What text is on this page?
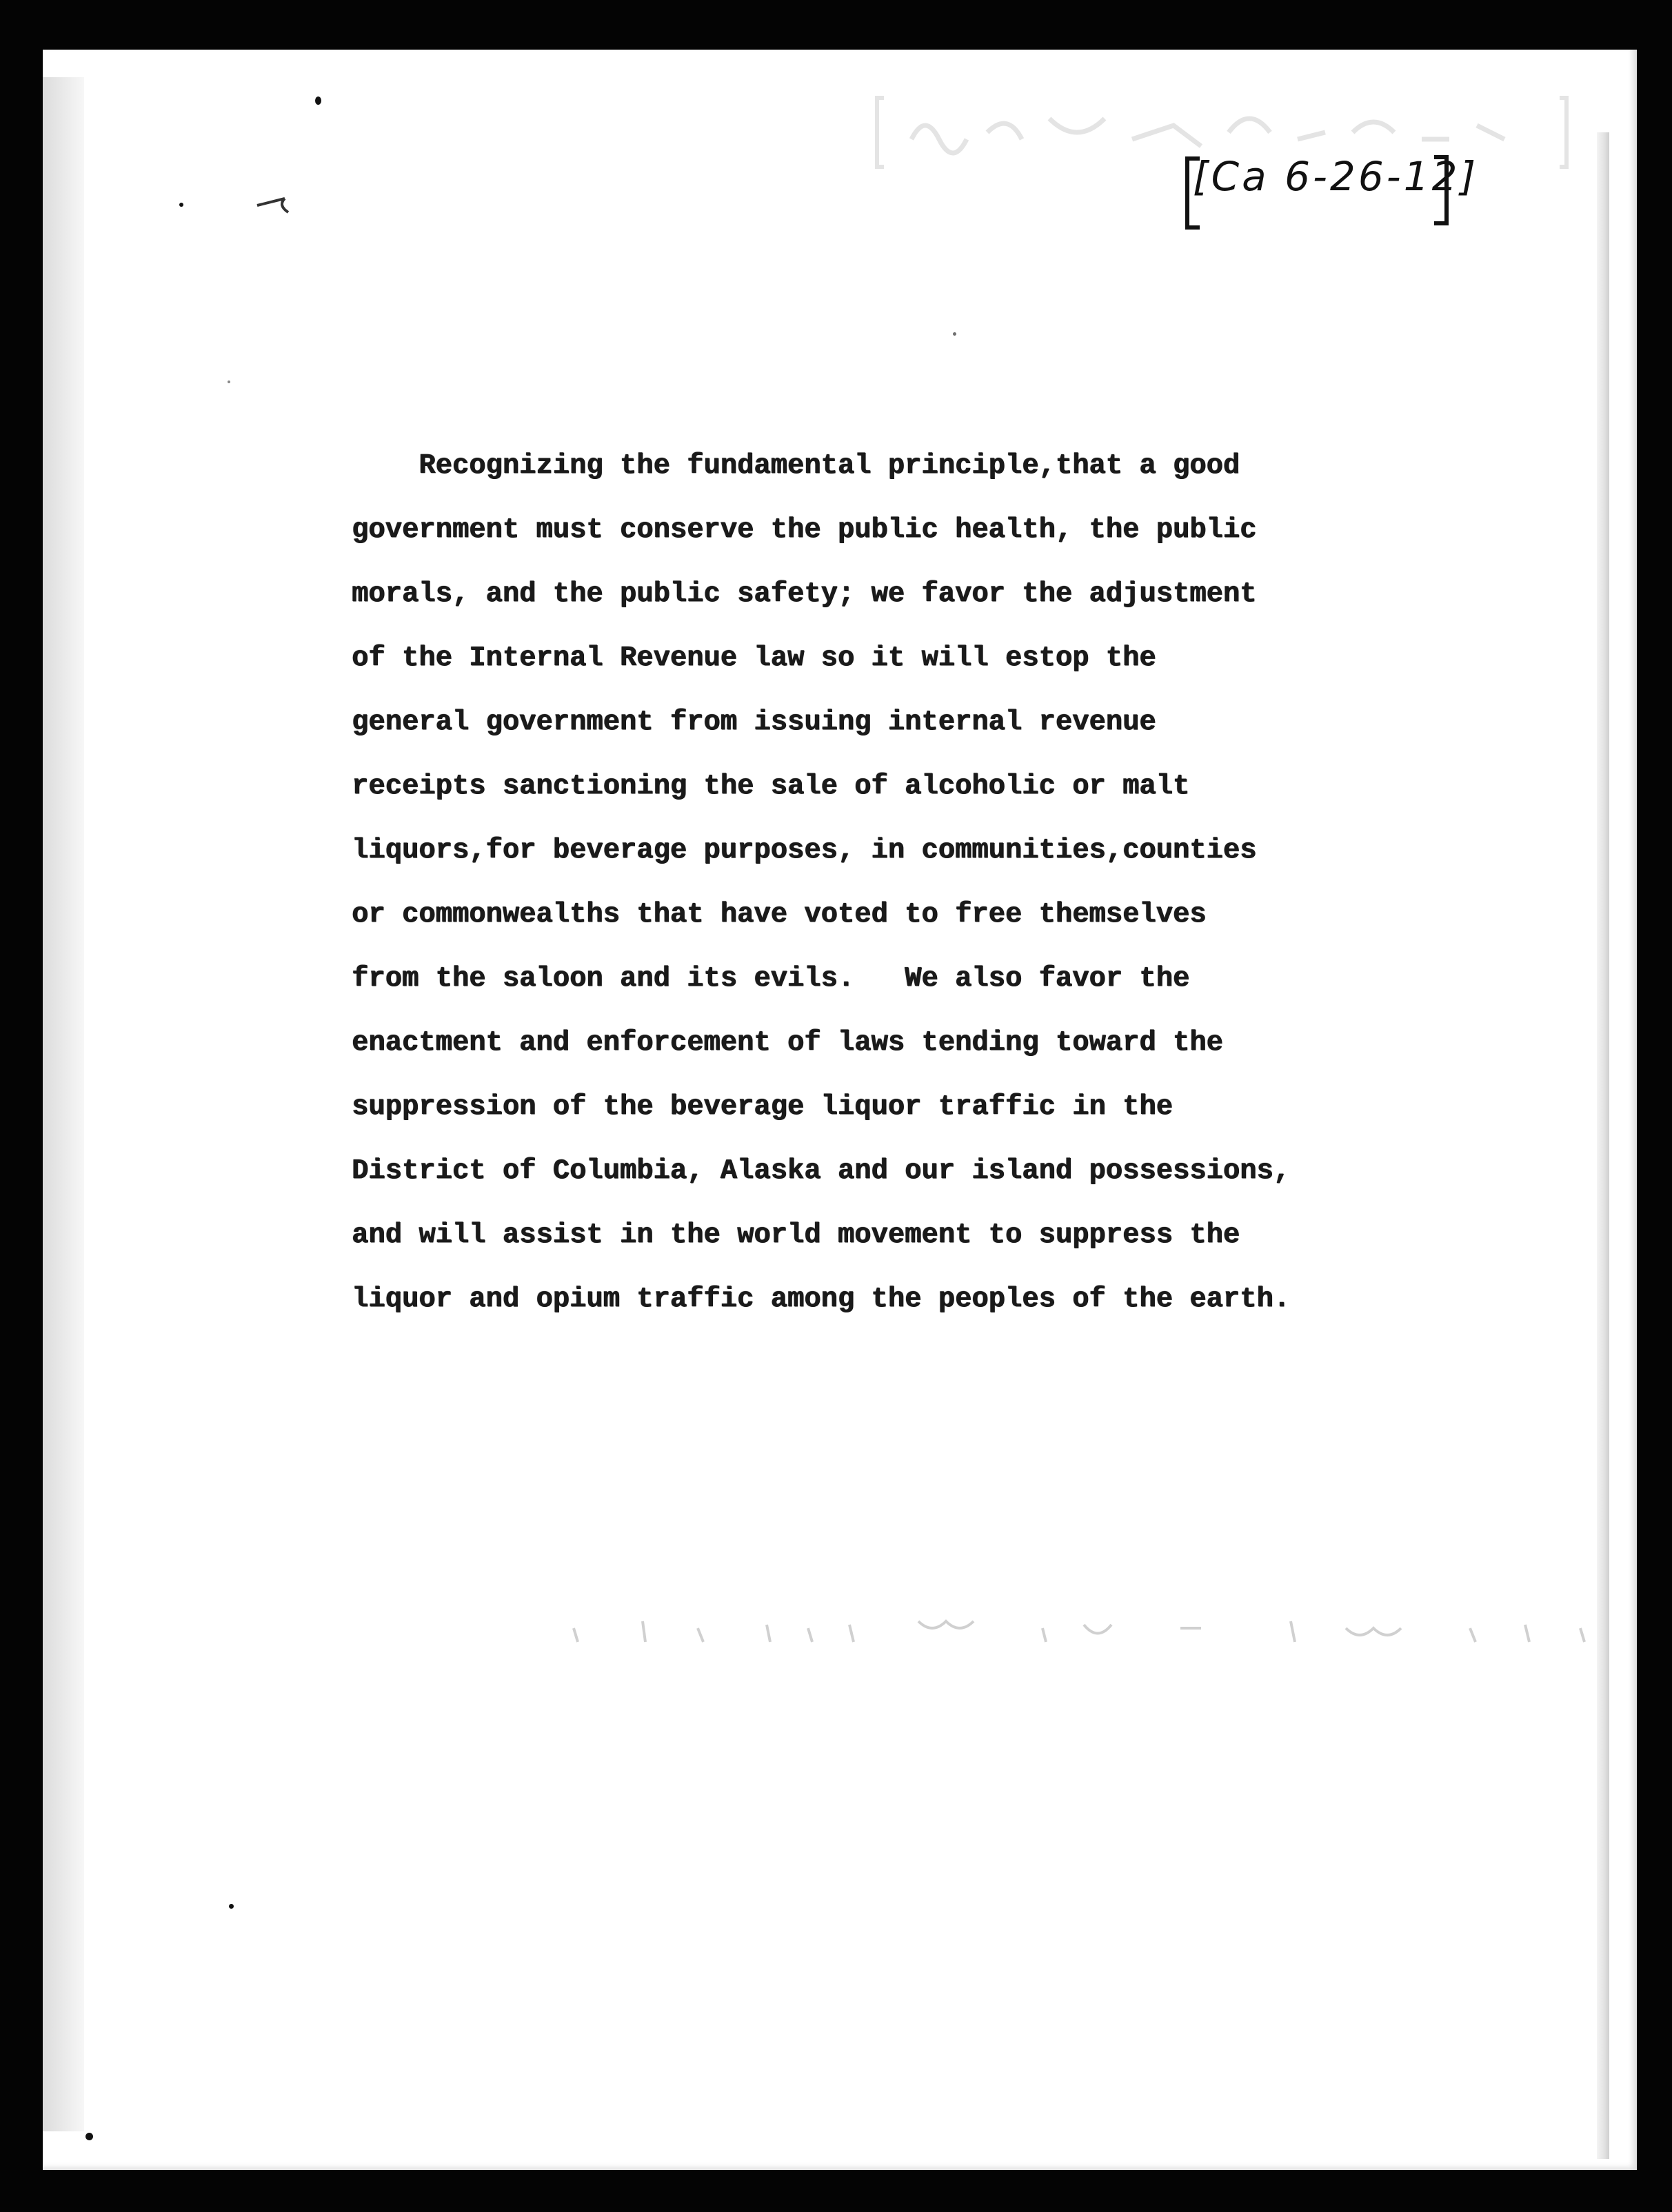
[Ca 6-26-12]
Recognizing the fundamental principle,that a good
government must conserve the public health, the public
morals, and the public safety; we favor the adjustment
of the Internal Revenue law so it will estop the
general government from issuing internal revenue
receipts sanctioning the sale of alcoholic or malt
liquors,for beverage purposes, in communities,counties
or commonwealths that have voted to free themselves
from the saloon and its evils.   We also favor the
enactment and enforcement of laws tending toward the
suppression of the beverage liquor traffic in the
District of Columbia, Alaska and our island possessions,
and will assist in the world movement to suppress the
liquor and opium traffic among the peoples of the earth.
